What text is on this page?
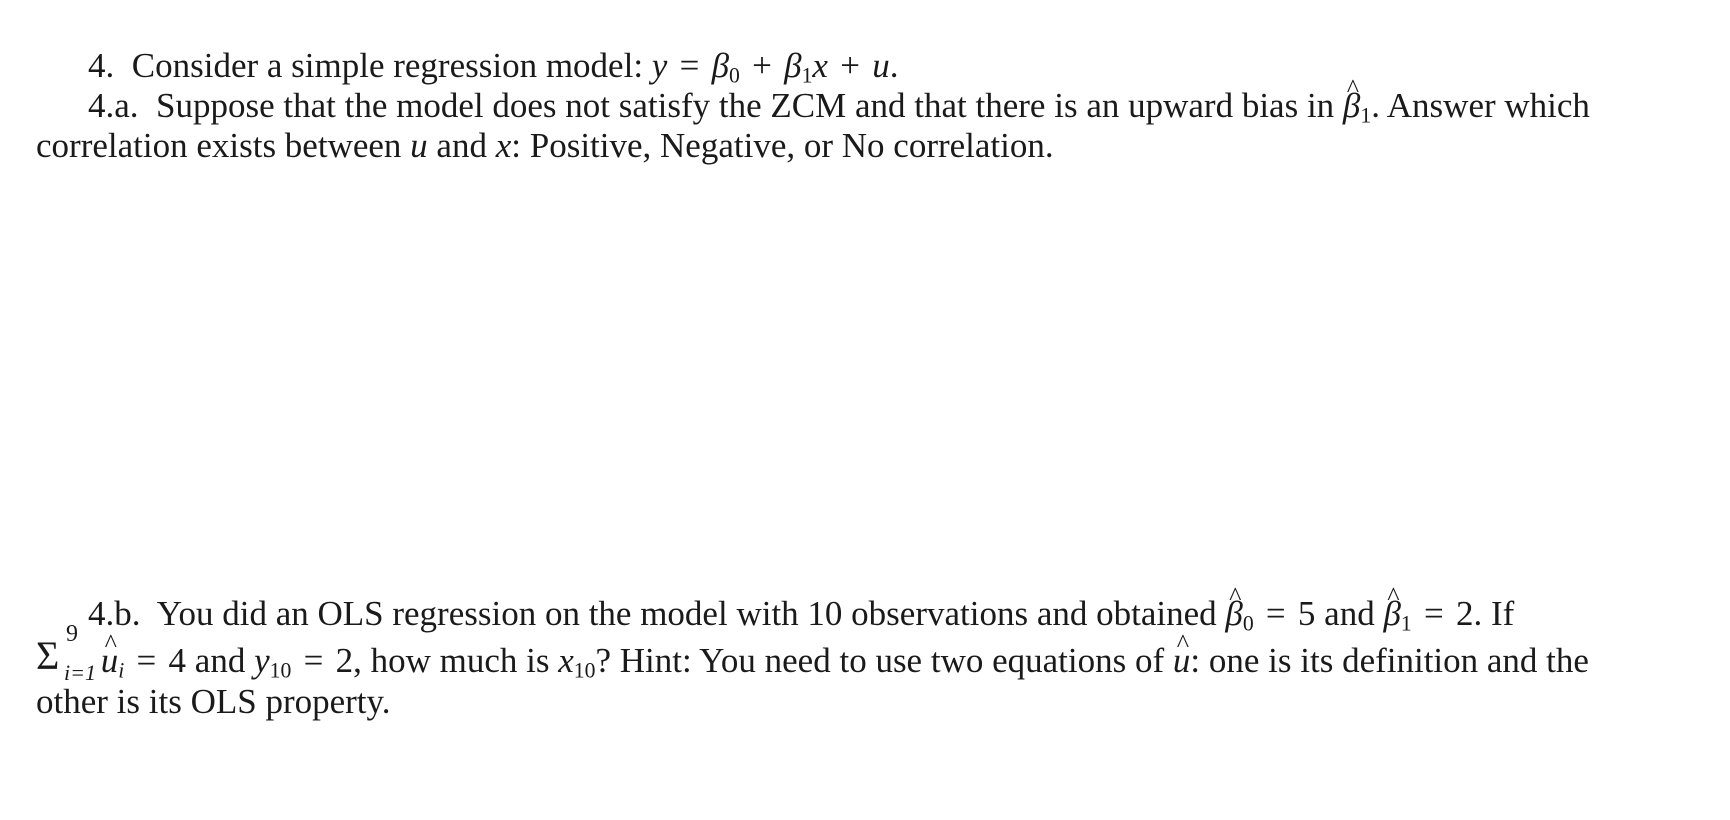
4. Consider a simple regression model: $y = \beta_0 + \beta_1x + u$.
4.a. Suppose that the model does not satisfy the ZCM and that there is an upward bias in ^ $\beta_1$. Answer which
correlation exists between u and x: Positive, Negative, or No correlation.
4.b. You did an OLS regression on the model with 10 observations and obtained ^ $\beta_0 = 5$ and ^ $\beta_1 = 2$. If
Σ 9
i=1 ^ $u_i = 4$ and $y_{10} = 2$, how much is $x_{10}$? Hint: You need to use two equations of ^ u: one is its definition and the
other is its OLS property.
